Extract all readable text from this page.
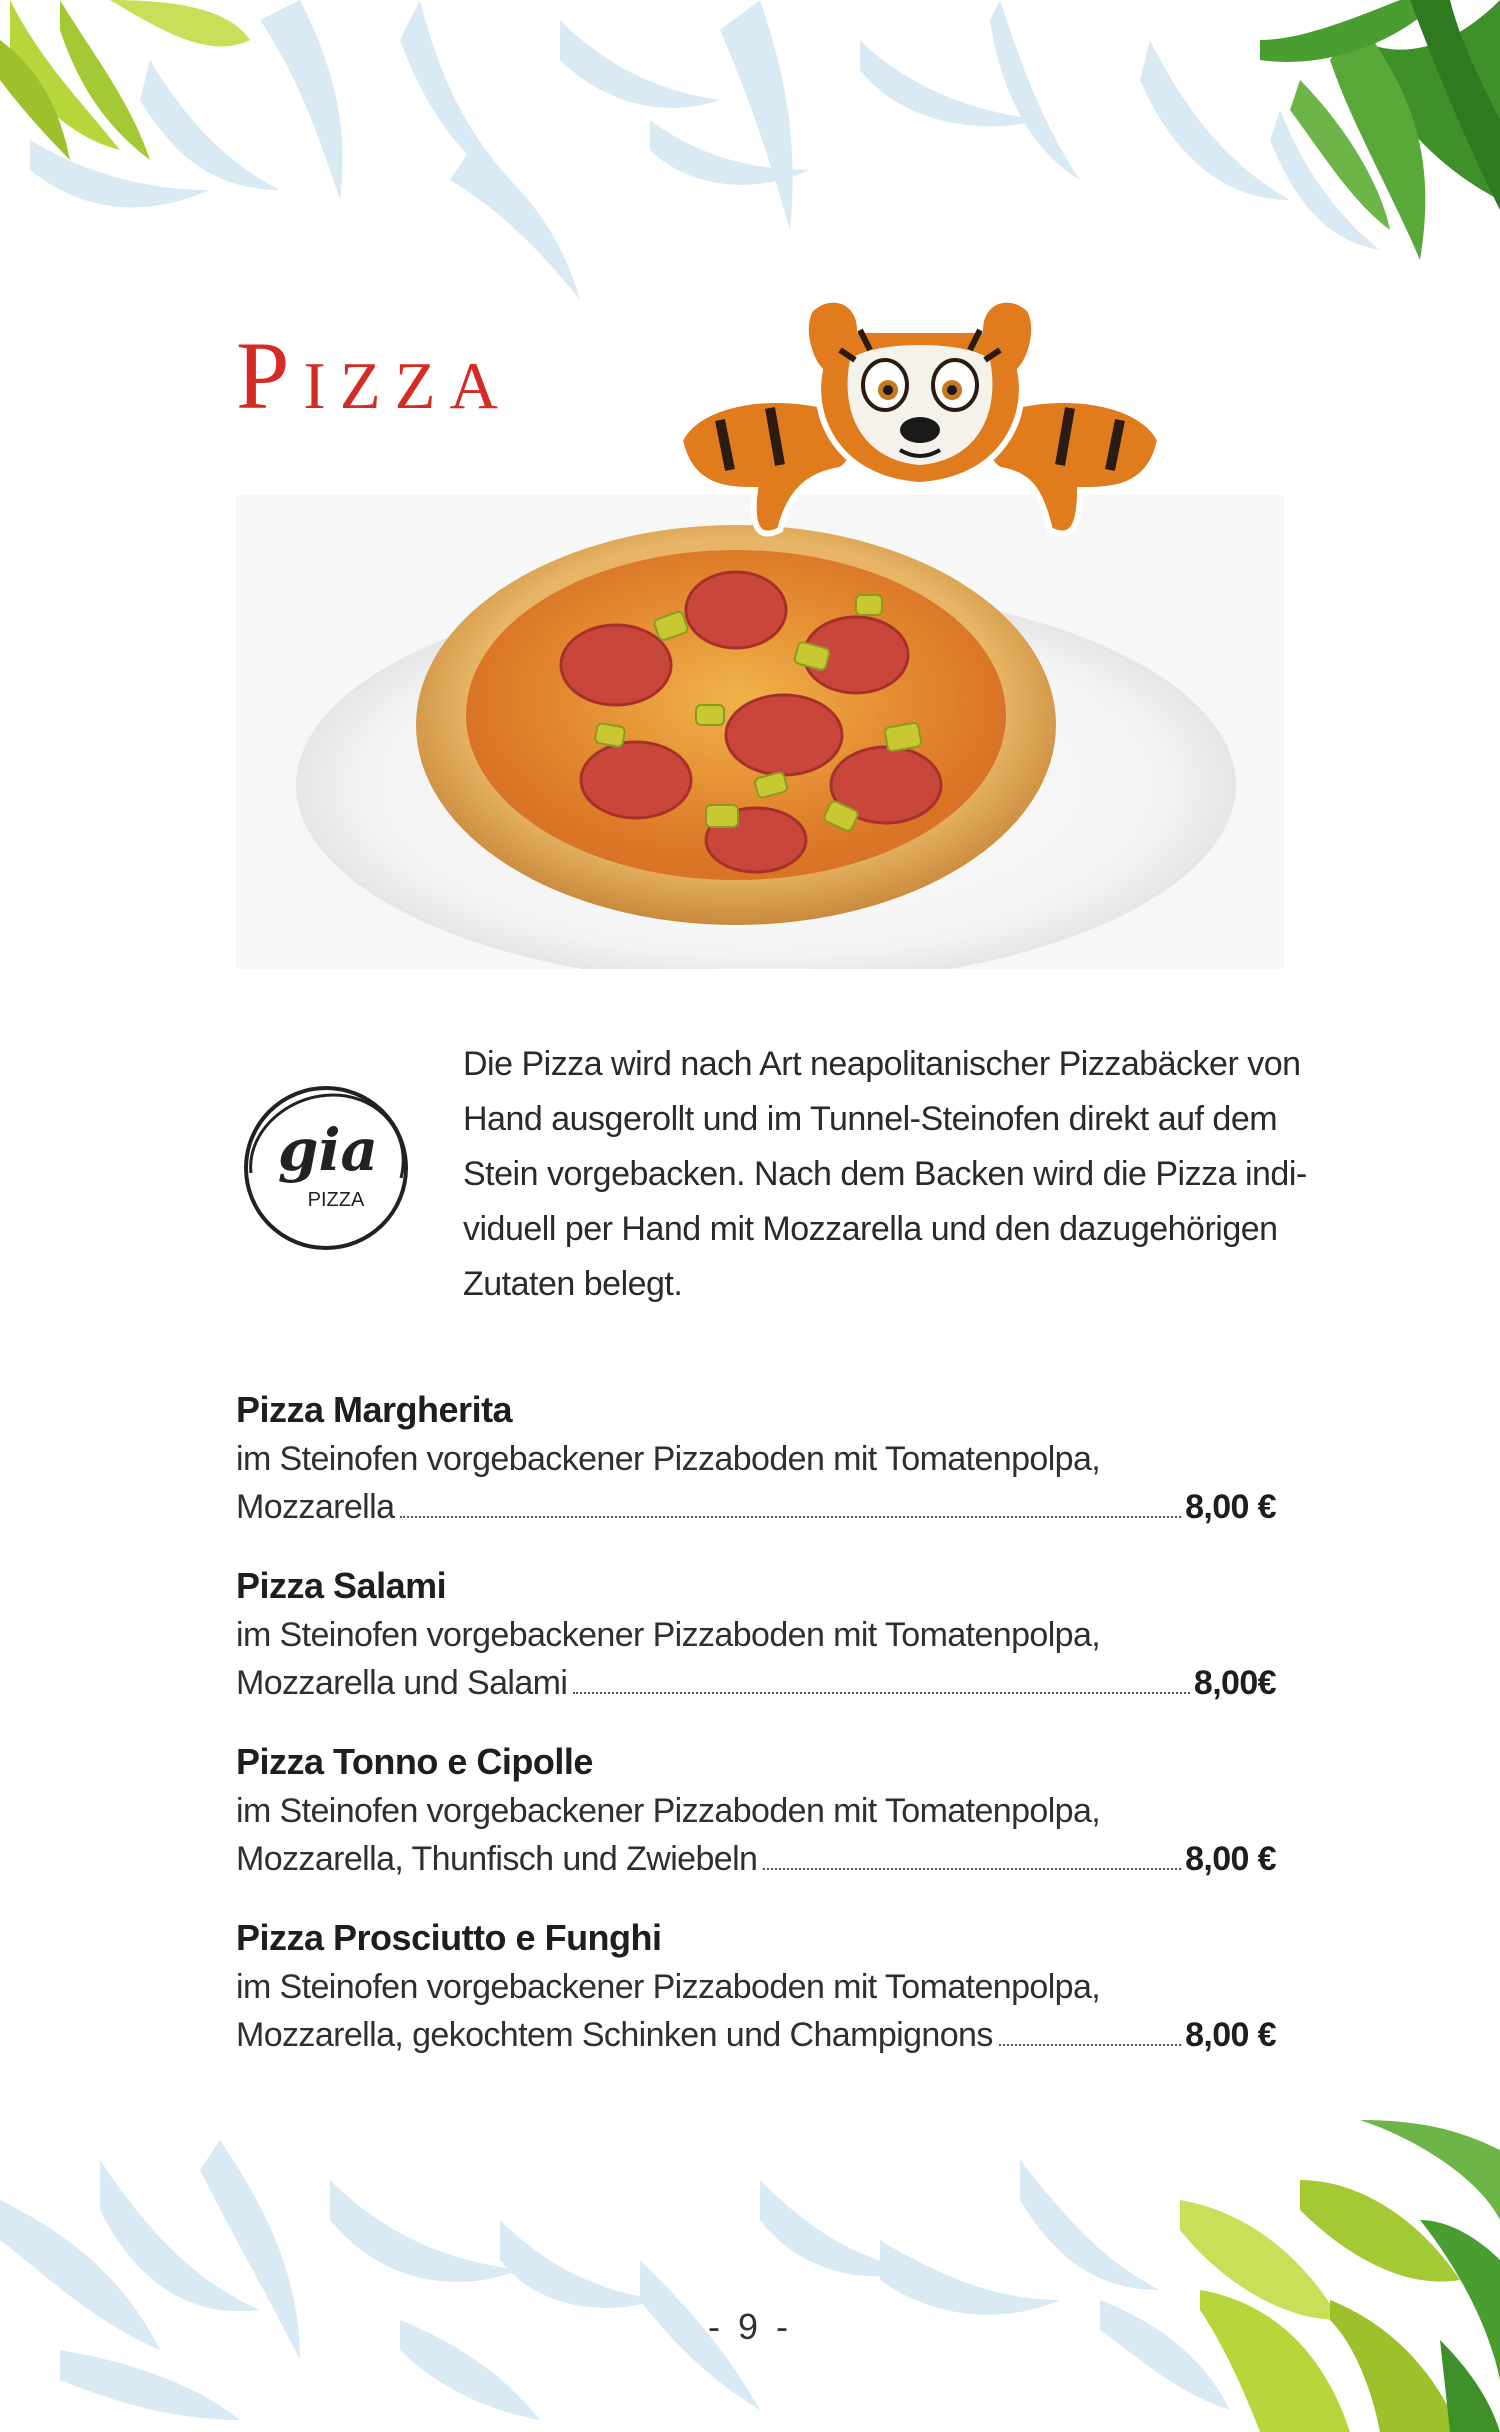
Pizza
gia
PIZZA
Die Pizza wird nach Art neapolitanischer Pizzabäcker von
Hand ausgerollt und im Tunnel-Steinofen direkt auf dem
Stein vorgebacken. Nach dem Backen wird die Pizza indi-
viduell per Hand mit Mozzarella und den dazugehörigen
Zutaten belegt.
Pizza Margherita
im Steinofen vorgebackener Pizzaboden mit Tomatenpolpa,
Mozzarella	8,00 €
Pizza Salami
im Steinofen vorgebackener Pizzaboden mit Tomatenpolpa,
Mozzarella und Salami	8,00€
Pizza Tonno e Cipolle
im Steinofen vorgebackener Pizzaboden mit Tomatenpolpa,
Mozzarella, Thunfisch und Zwiebeln	8,00 €
Pizza Prosciutto e Funghi
im Steinofen vorgebackener Pizzaboden mit Tomatenpolpa,
Mozzarella, gekochtem Schinken und Champignons	8,00 €
- 9 -
